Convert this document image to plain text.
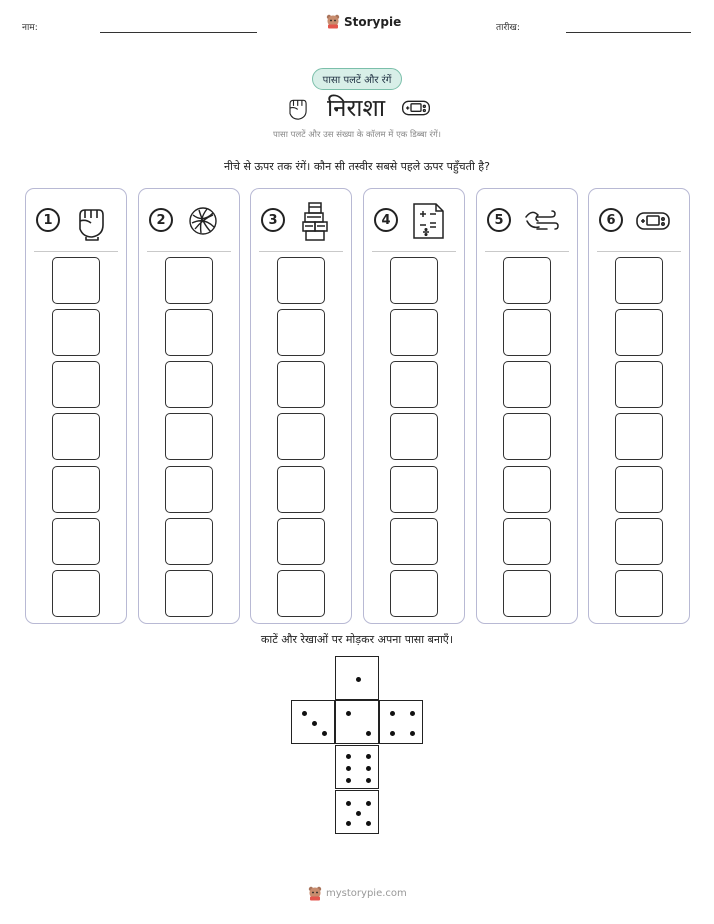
नाम:	Storypie	तारीख:
पासा पलटें और रंगें
निराशा
पासा पलटें और उस संख्या के कॉलम में एक डिब्बा रंगें।
नीचे से ऊपर तक रंगें। कौन सी तस्वीर सबसे पहले ऊपर पहुँचती है?
1	2	3	4	5	6
काटें और रेखाओं पर मोड़कर अपना पासा बनाएँ।
mystorypie.com
